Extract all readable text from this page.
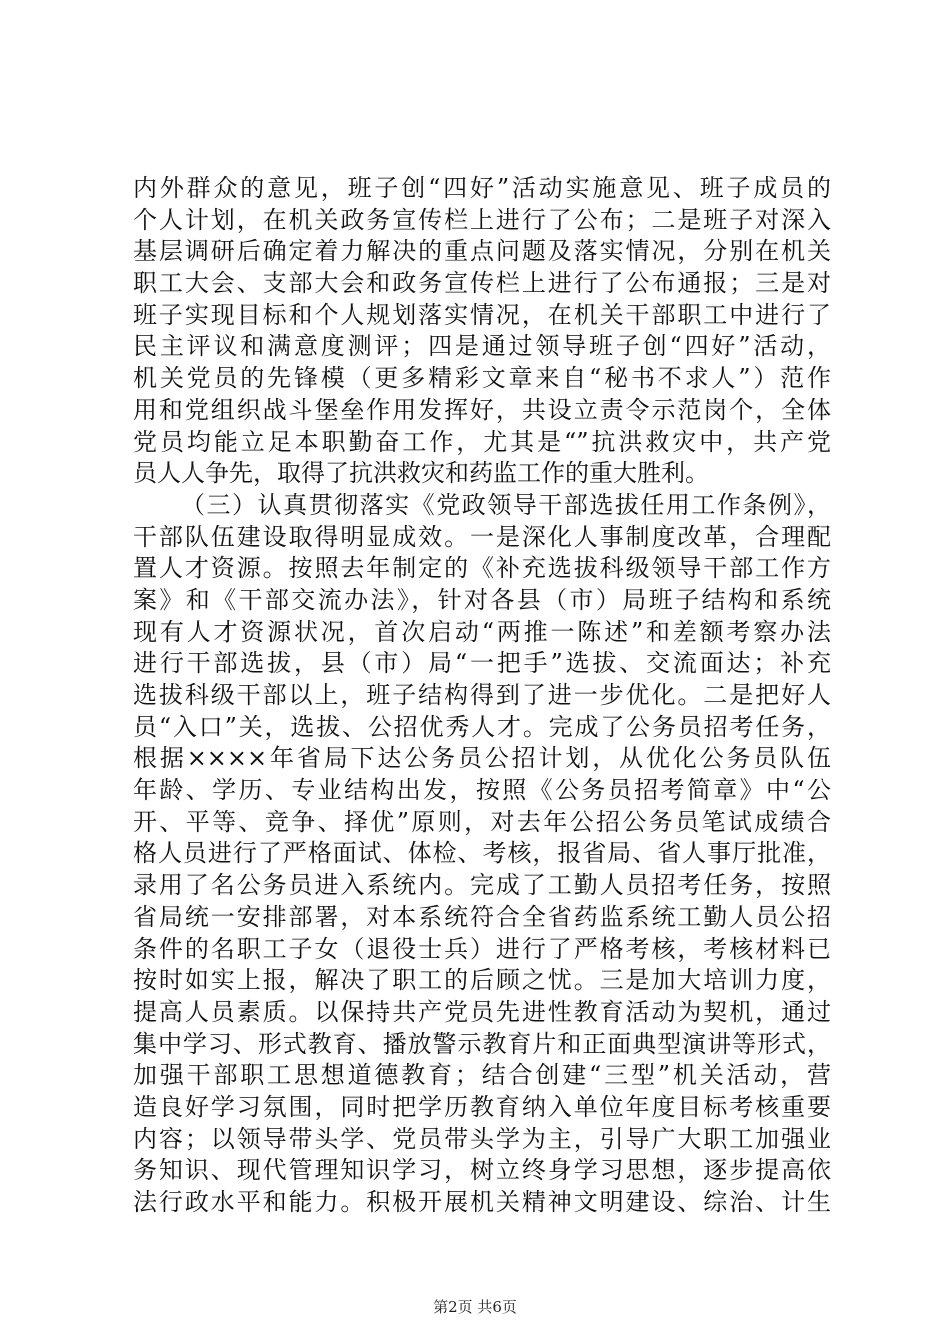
内外群众的意见，班子创“四好”活动实施意见、班子成员的
个人计划，在机关政务宣传栏上进行了公布；二是班子对深入
基层调研后确定着力解决的重点问题及落实情况，分别在机关
职工大会、支部大会和政务宣传栏上进行了公布通报；三是对
班子实现目标和个人规划落实情况，在机关干部职工中进行了
民主评议和满意度测评；四是通过领导班子创“四好”活动，
机关党员的先锋模（更多精彩文章来自“秘书不求人”）范作
用和党组织战斗堡垒作用发挥好，共设立责令示范岗个，全体
党员均能立足本职勤奋工作，尤其是“”抗洪救灾中，共产党
员人人争先，取得了抗洪救灾和药监工作的重大胜利。
（三）认真贯彻落实《党政领导干部选拔任用工作条例》，
干部队伍建设取得明显成效。一是深化人事制度改革，合理配
置人才资源。按照去年制定的《补充选拔科级领导干部工作方
案》和《干部交流办法》，针对各县（市）局班子结构和系统
现有人才资源状况，首次启动“两推一陈述”和差额考察办法
进行干部选拔，县（市）局“一把手”选拔、交流面达；补充
选拔科级干部以上，班子结构得到了进一步优化。二是把好人
员“入口”关，选拔、公招优秀人才。完成了公务员招考任务，
根据××××年省局下达公务员公招计划，从优化公务员队伍
年龄、学历、专业结构出发，按照《公务员招考简章》中“公
开、平等、竞争、择优”原则，对去年公招公务员笔试成绩合
格人员进行了严格面试、体检、考核，报省局、省人事厅批准，
录用了名公务员进入系统内。完成了工勤人员招考任务，按照
省局统一安排部署，对本系统符合全省药监系统工勤人员公招
条件的名职工子女（退役士兵）进行了严格考核，考核材料已
按时如实上报，解决了职工的后顾之忧。三是加大培训力度，
提高人员素质。以保持共产党员先进性教育活动为契机，通过
集中学习、形式教育、播放警示教育片和正面典型演讲等形式，
加强干部职工思想道德教育；结合创建“三型”机关活动，营
造良好学习氛围，同时把学历教育纳入单位年度目标考核重要
内容；以领导带头学、党员带头学为主，引导广大职工加强业
务知识、现代管理知识学习，树立终身学习思想，逐步提高依
法行政水平和能力。积极开展机关精神文明建设、综治、计生
第2页 共6页
